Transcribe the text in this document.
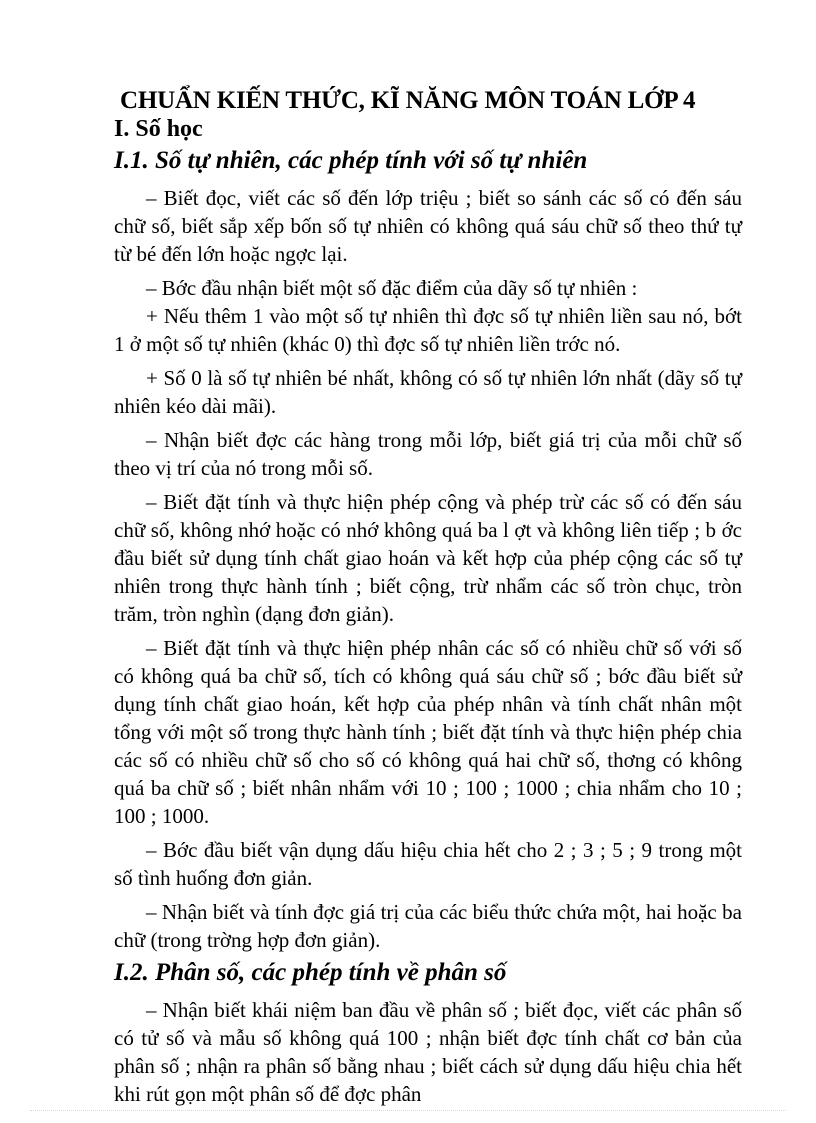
CHUẨN KIẾN THỨC, KĨ NĂNG MÔN TOÁN LỚP 4
I. Số học
I.1. Số tự nhiên, các phép tính với số tự nhiên

– Biết đọc, viết các số đến lớp triệu ; biết so sánh các số có đến sáu chữ số, biết sắp xếp bốn số tự nhiên có không quá sáu chữ số theo thứ tự từ bé đến lớn hoặc ngợc lại.

– Bớc đầu nhận biết một số đặc điểm của dãy số tự nhiên :

+ Nếu thêm 1 vào một số tự nhiên thì đợc số tự nhiên liền sau nó, bớt 1 ở một số tự nhiên (khác 0) thì đợc số tự nhiên liền trớc nó.

+ Số 0 là số tự nhiên bé nhất, không có số tự nhiên lớn nhất (dãy số tự nhiên kéo dài mãi).

– Nhận biết đợc các hàng trong mỗi lớp, biết giá trị của mỗi chữ số theo vị trí của nó trong mỗi số.

– Biết đặt tính và thực hiện phép cộng và phép trừ các số có đến sáu chữ số, không nhớ hoặc có nhớ không quá ba l ợt và không liên tiếp ; b ớc đầu biết sử dụng tính chất giao hoán và kết hợp của phép cộng các số tự nhiên trong thực hành tính ; biết cộng, trừ nhẩm các số tròn chục, tròn trăm, tròn nghìn (dạng đơn giản).

– Biết đặt tính và thực hiện phép nhân các số có nhiều chữ số với số có không quá ba chữ số, tích có không quá sáu chữ số ; bớc đầu biết sử dụng tính chất giao hoán, kết hợp của phép nhân và tính chất nhân một tổng với một số trong thực hành tính ; biết đặt tính và thực hiện phép chia các số có nhiều chữ số cho số có không quá hai chữ số, thơng có không quá ba chữ số ; biết nhân nhẩm với 10 ; 100 ; 1000 ; chia nhẩm cho 10 ; 100 ; 1000.

– Bớc đầu biết vận dụng dấu hiệu chia hết cho 2 ; 3 ; 5 ; 9 trong một số tình huống đơn giản.

– Nhận biết và tính đợc giá trị của các biểu thức chứa một, hai hoặc ba chữ (trong trờng hợp đơn giản).

I.2. Phân số, các phép tính về phân số

– Nhận biết khái niệm ban đầu về phân số ; biết đọc, viết các phân số có tử số và mẫu số không quá 100 ; nhận biết đợc tính chất cơ bản của phân số ; nhận ra phân số bằng nhau ; biết cách sử dụng dấu hiệu chia hết khi rút gọn một phân số để đợc phân
